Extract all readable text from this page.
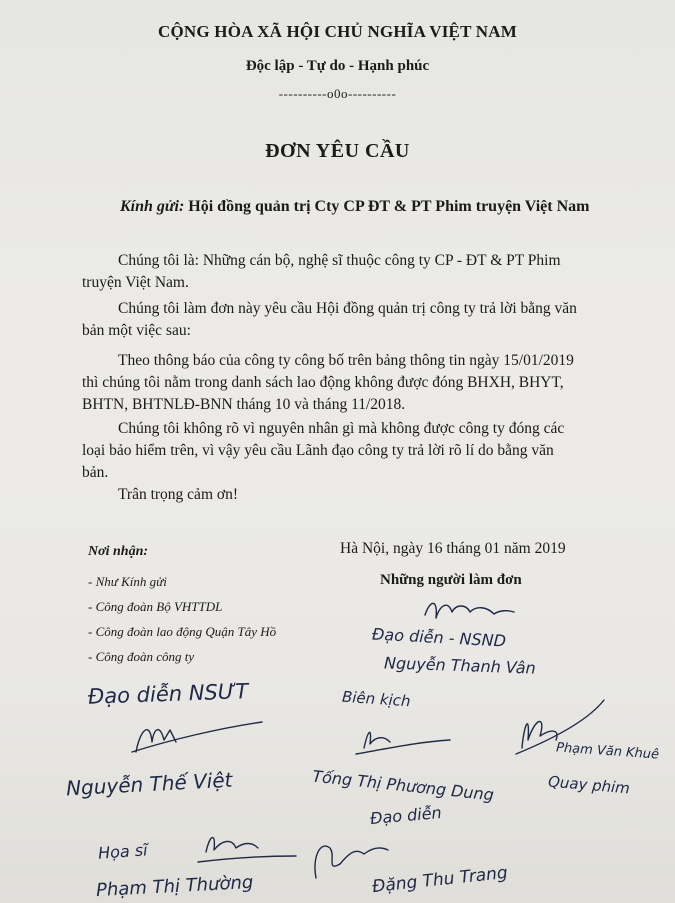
CỘNG HÒA XÃ HỘI CHỦ NGHĨA VIỆT NAM
Độc lập - Tự do - Hạnh phúc
----------o0o----------
ĐƠN YÊU CẦU
Kính gửi: Hội đồng quản trị Cty CP ĐT & PT Phim truyện Việt Nam
Chúng tôi là: Những cán bộ, nghệ sĩ thuộc công ty CP - ĐT & PT Phim
truyện Việt Nam.
Chúng tôi làm đơn này yêu cầu Hội đồng quản trị công ty trả lời bằng văn
bản một việc sau:
Theo thông báo của công ty công bố trên bảng thông tin ngày 15/01/2019
thì chúng tôi nằm trong danh sách lao động không được đóng BHXH, BHYT,
BHTN, BHTNLĐ-BNN tháng 10 và tháng 11/2018.
Chúng tôi không rõ vì nguyên nhân gì mà không được công ty đóng các
loại bảo hiểm trên, vì vậy yêu cầu Lãnh đạo công ty trả lời rõ lí do bằng văn
bản.
Trân trọng cảm ơn!
Nơi nhận:
- Như Kính gửi
- Công đoàn Bộ VHTTDL
- Công đoàn lao động Quận Tây Hồ
- Công đoàn công ty
Hà Nội, ngày 16 tháng 01 năm 2019
Những người làm đơn
Đạo diễn - NSND
Nguyễn Thanh Vân
Đạo diễn NSƯT	Biên kịch
Phạm Văn Khuê
Nguyễn Thế Việt	Tống Thị Phương Dung	Quay phim
Đạo diễn
Họa sĩ
Phạm Thị Thường	Đặng Thu Trang
